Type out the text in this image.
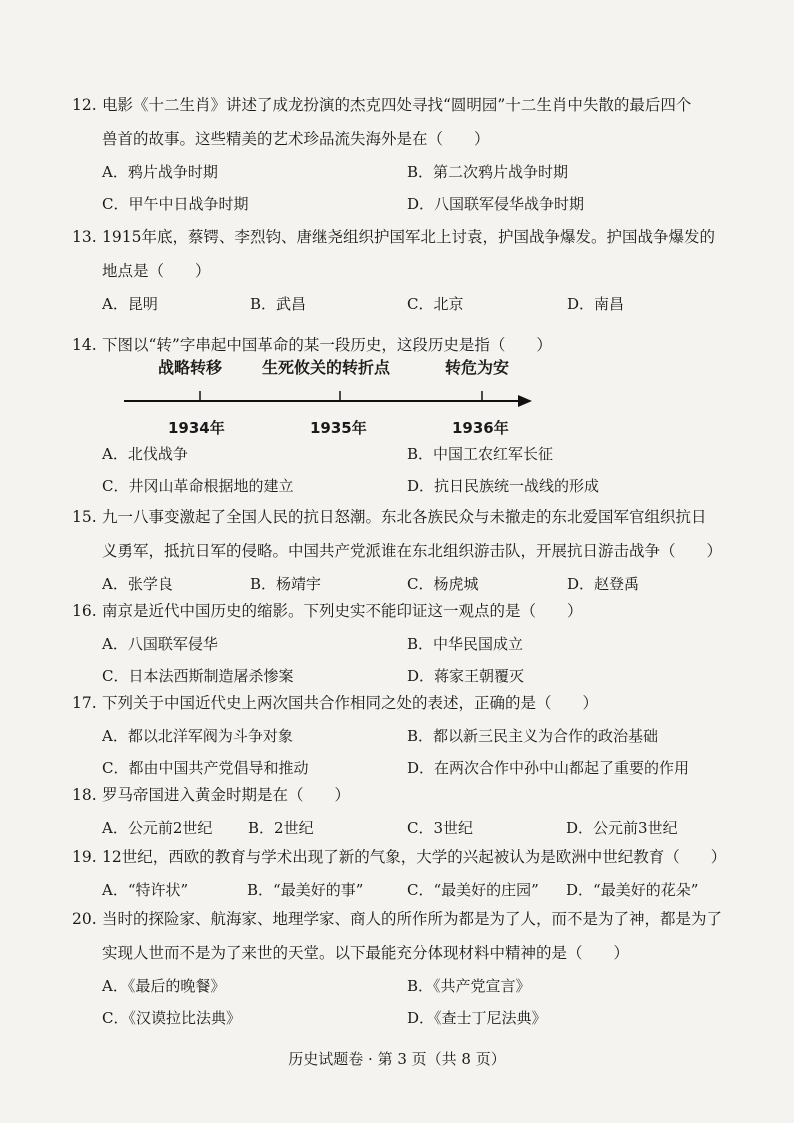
12. 电影《十二生肖》讲述了成龙扮演的杰克四处寻找“圆明园”十二生肖中失散的最后四个
兽首的故事。这些精美的艺术珍品流失海外是在（　　）
A．鸦片战争时期	B．第二次鸦片战争时期
C．甲午中日战争时期	D．八国联军侵华战争时期
13. 1915年底，蔡锷、李烈钧、唐继尧组织护国军北上讨袁，护国战争爆发。护国战争爆发的
地点是（　　）
A．昆明	B．武昌	C．北京	D．南昌
14. 下图以“转”字串起中国革命的某一段历史，这段历史是指（　　）
战略转移 生死攸关的转折点	转危为安
1934年	1935年	1936年
A．北伐战争	B．中国工农红军长征
C．井冈山革命根据地的建立	D．抗日民族统一战线的形成
15. 九一八事变激起了全国人民的抗日怒潮。东北各族民众与未撤走的东北爱国军官组织抗日
义勇军，抵抗日军的侵略。中国共产党派谁在东北组织游击队，开展抗日游击战争（　　）
A．张学良	B．杨靖宇	C．杨虎城	D．赵登禹
16. 南京是近代中国历史的缩影。下列史实不能印证这一观点的是（　　）
A．八国联军侵华	B．中华民国成立
C．日本法西斯制造屠杀惨案	D．蒋家王朝覆灭
17. 下列关于中国近代史上两次国共合作相同之处的表述，正确的是（　　）
A．都以北洋军阀为斗争对象	B．都以新三民主义为合作的政治基础
C．都由中国共产党倡导和推动	D．在两次合作中孙中山都起了重要的作用
18. 罗马帝国进入黄金时期是在（　　）
A．公元前2世纪 B．2世纪	C．3世纪	D．公元前3世纪
19. 12世纪，西欧的教育与学术出现了新的气象，大学的兴起被认为是欧洲中世纪教育（　　）
A．“特许状”	B．“最美好的事”	C．“最美好的庄园” D．“最美好的花朵”
20. 当时的探险家、航海家、地理学家、商人的所作所为都是为了人，而不是为了神，都是为了
实现人世而不是为了来世的天堂。以下最能充分体现材料中精神的是（　　）
A．《最后的晚餐》	B．《共产党宣言》
C．《汉谟拉比法典》	D．《查士丁尼法典》
历史试题卷 · 第 3 页（共 8 页）
